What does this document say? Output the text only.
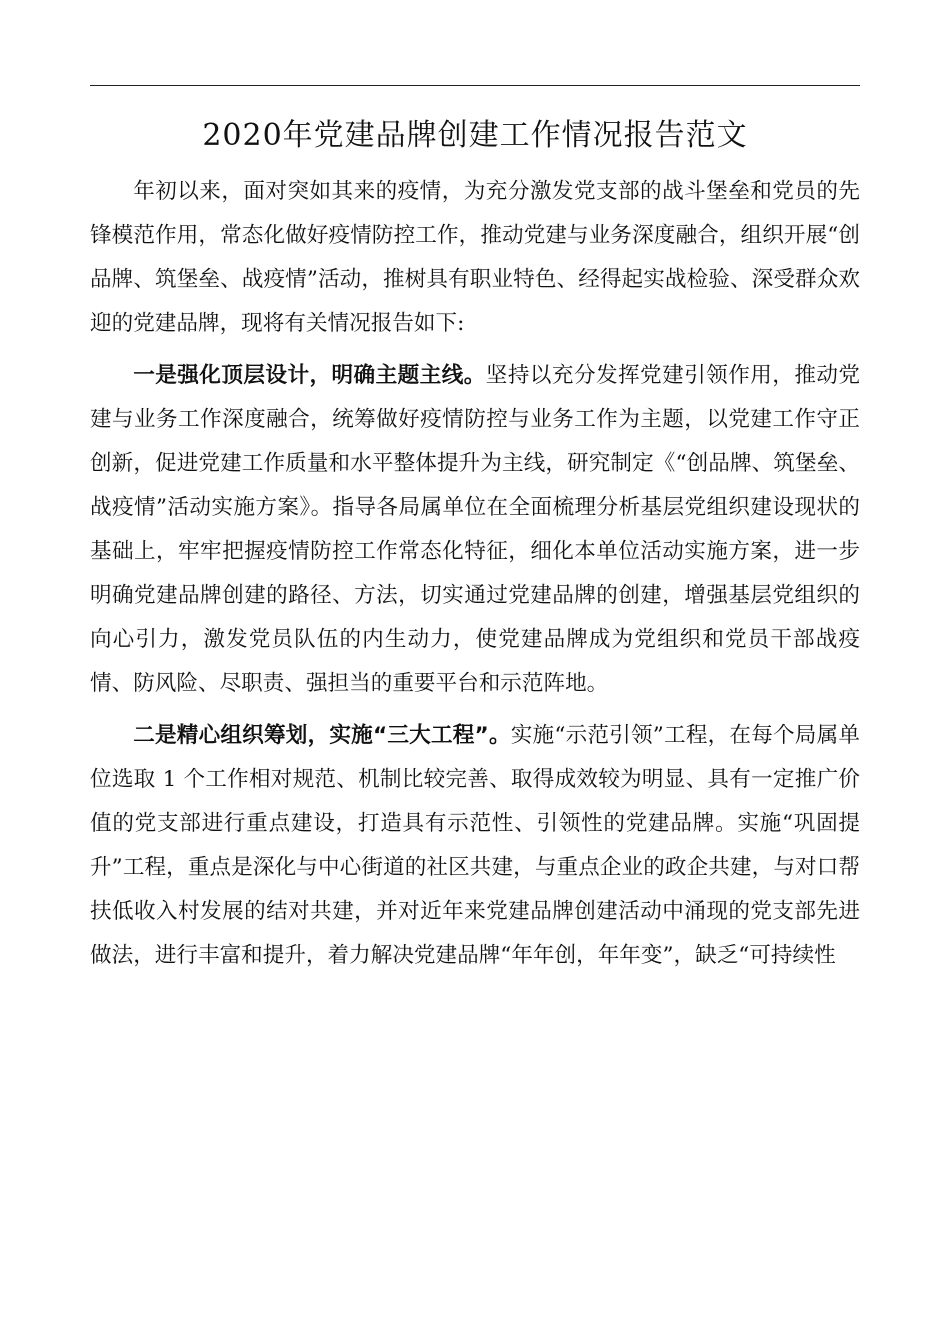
2020年党建品牌创建工作情况报告范文

年初以来，面对突如其来的疫情，为充分激发党支部的战斗堡垒和党员的先锋模范作用，常态化做好疫情防控工作，推动党建与业务深度融合，组织开展“创品牌、筑堡垒、战疫情”活动，推树具有职业特色、经得起实战检验、深受群众欢迎的党建品牌，现将有关情况报告如下:

一是强化顶层设计，明确主题主线。坚持以充分发挥党建引领作用，推动党建与业务工作深度融合，统筹做好疫情防控与业务工作为主题，以党建工作守正创新，促进党建工作质量和水平整体提升为主线，研究制定《“创品牌、筑堡垒、战疫情”活动实施方案》。指导各局属单位在全面梳理分析基层党组织建设现状的基础上，牢牢把握疫情防控工作常态化特征，细化本单位活动实施方案，进一步明确党建品牌创建的路径、方法，切实通过党建品牌的创建，增强基层党组织的向心引力，激发党员队伍的内生动力，使党建品牌成为党组织和党员干部战疫情、防风险、尽职责、强担当的重要平台和示范阵地。

二是精心组织筹划，实施“三大工程”。实施“示范引领”工程，在每个局属单位选取 1 个工作相对规范、机制比较完善、取得成效较为明显、具有一定推广价值的党支部进行重点建设，打造具有示范性、引领性的党建品牌。实施“巩固提升”工程，重点是深化与中心街道的社区共建，与重点企业的政企共建，与对口帮扶低收入村发展的结对共建，并对近年来党建品牌创建活动中涌现的党支部先进做法，进行丰富和提升，着力解决党建品牌“年年创，年年变”，缺乏“可持续性
